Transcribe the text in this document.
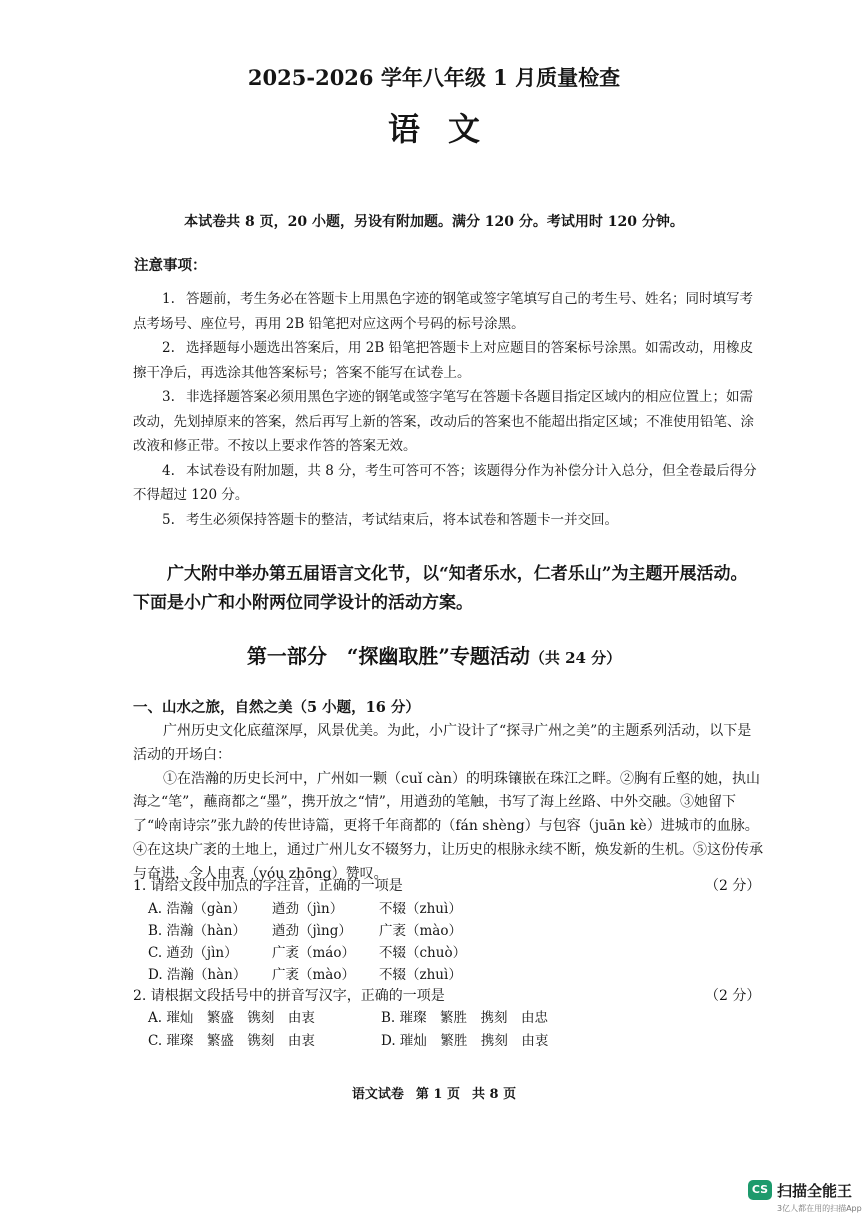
2025-2026 学年八年级 1 月质量检查
语文
本试卷共 8 页，20 小题，另设有附加题。满分 120 分。考试用时 120 分钟。
注意事项：

1. 答题前，考生务必在答题卡上用黑色字迹的钢笔或签字笔填写自己的考生号、姓名；同时填写考点考场号、座位号，再用 2B 铅笔把对应这两个号码的标号涂黑。

2. 选择题每小题选出答案后，用 2B 铅笔把答题卡上对应题目的答案标号涂黑。如需改动，用橡皮擦干净后，再选涂其他答案标号；答案不能写在试卷上。

3. 非选择题答案必须用黑色字迹的钢笔或签字笔写在答题卡各题目指定区域内的相应位置上；如需改动，先划掉原来的答案，然后再写上新的答案，改动后的答案也不能超出指定区域；不准使用铅笔、涂改液和修正带。不按以上要求作答的答案无效。

4. 本试卷设有附加题，共 8 分，考生可答可不答；该题得分作为补偿分计入总分，但全卷最后得分不得超过 120 分。

5. 考生必须保持答题卡的整洁，考试结束后，将本试卷和答题卡一并交回。

广大附中举办第五届语言文化节，以“知者乐水，仁者乐山”为主题开展活动。下面是小广和小附两位同学设计的活动方案。
第一部分　“探幽取胜”专题活动（共 24 分）
一、山水之旅，自然之美（5 小题，16 分）

广州历史文化底蕴深厚，风景优美。为此，小广设计了“探寻广州之美”的主题系列活动，以下是活动的开场白：

①在浩瀚的历史长河中，广州如一颗（cuǐ càn）的明珠镶嵌在珠江之畔。②胸有丘壑的她，执山海之“笔”，蘸商都之“墨”，携开放之“情”，用遒劲的笔触，书写了海上丝路、中外交融。③她留下了“岭南诗宗”张九龄的传世诗篇，更将千年商都的（fán shèng）与包容（juān kè）进城市的血脉。④在这块广袤的土地上，通过广州儿女不辍努力，让历史的根脉永续不断，焕发新的生机。⑤这份传承与奋进，令人由衷（yóu zhōng）赞叹。

1. 请给文段中加点的字注音，正确的一项是	（2 分）
A. 浩瀚（gàn） 遒劲（jìn）	不辍（zhuì）
B. 浩瀚（hàn） 遒劲（jìng） 广袤（mào）
C. 遒劲（jìn）	广袤（máo） 不辍（chuò）
D. 浩瀚（hàn） 广袤（mào） 不辍（zhuì）
2. 请根据文段括号中的拼音写汉字，正确的一项是	（2 分）
A. 璀灿　繁盛　镌刻　由衷	B. 璀璨　繁胜　携刻　由忠
C. 璀璨　繁盛　镌刻　由衷	D. 璀灿　繁胜　携刻　由衷
语文试卷 第 1 页 共 8 页
CS 扫描全能王
3亿人都在用的扫描App
